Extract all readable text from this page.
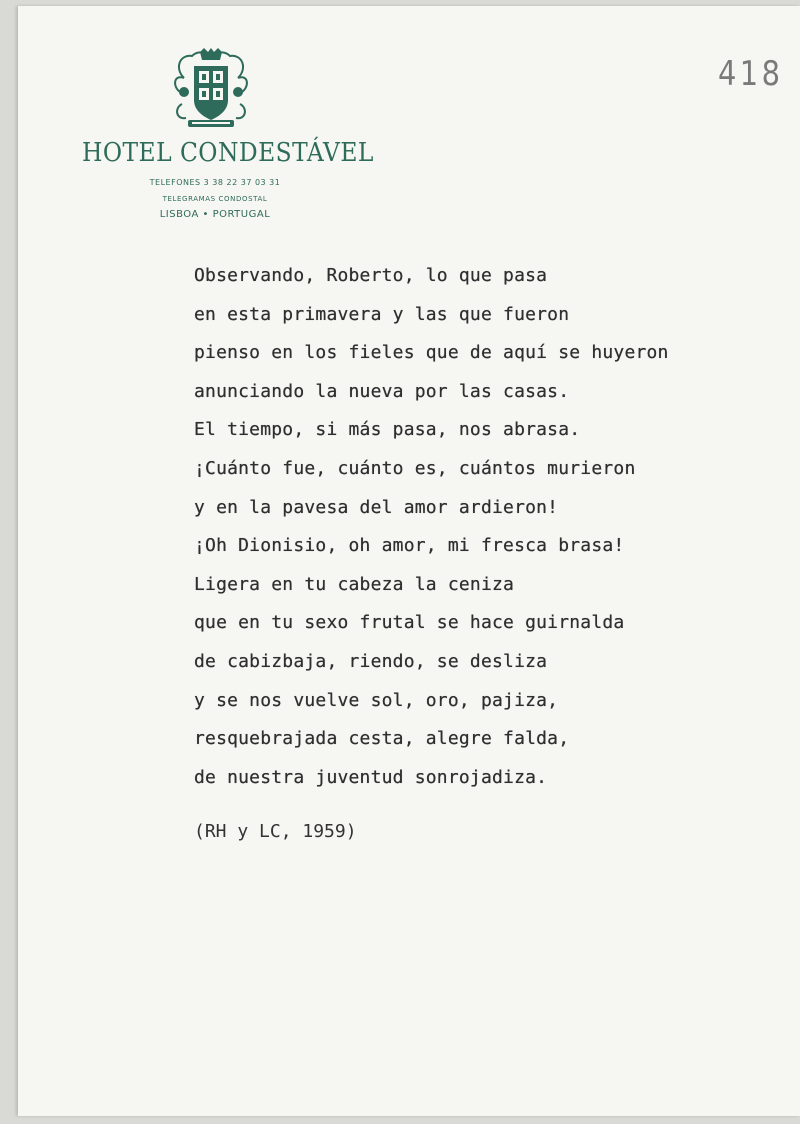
418
HOTEL CONDESTÁVEL
TELEFONES 3 38 22 37 03 31
TELEGRAMAS CONDOSTAL
LISBOA • PORTUGAL
Observando, Roberto, lo que pasa
en esta primavera y las que fueron
pienso en los fieles que de aquí se huyeron
anunciando la nueva por las casas.
El tiempo, si más pasa, nos abrasa.
¡Cuánto fue, cuánto es, cuántos murieron
y en la pavesa del amor ardieron!
¡Oh Dionisio, oh amor, mi fresca brasa!
Ligera en tu cabeza la ceniza
que en tu sexo frutal se hace guirnalda
de cabizbaja, riendo, se desliza
y se nos vuelve sol, oro, pajiza,
resquebrajada cesta, alegre falda,
de nuestra juventud sonrojadiza.
(RH y LC, 1959)
